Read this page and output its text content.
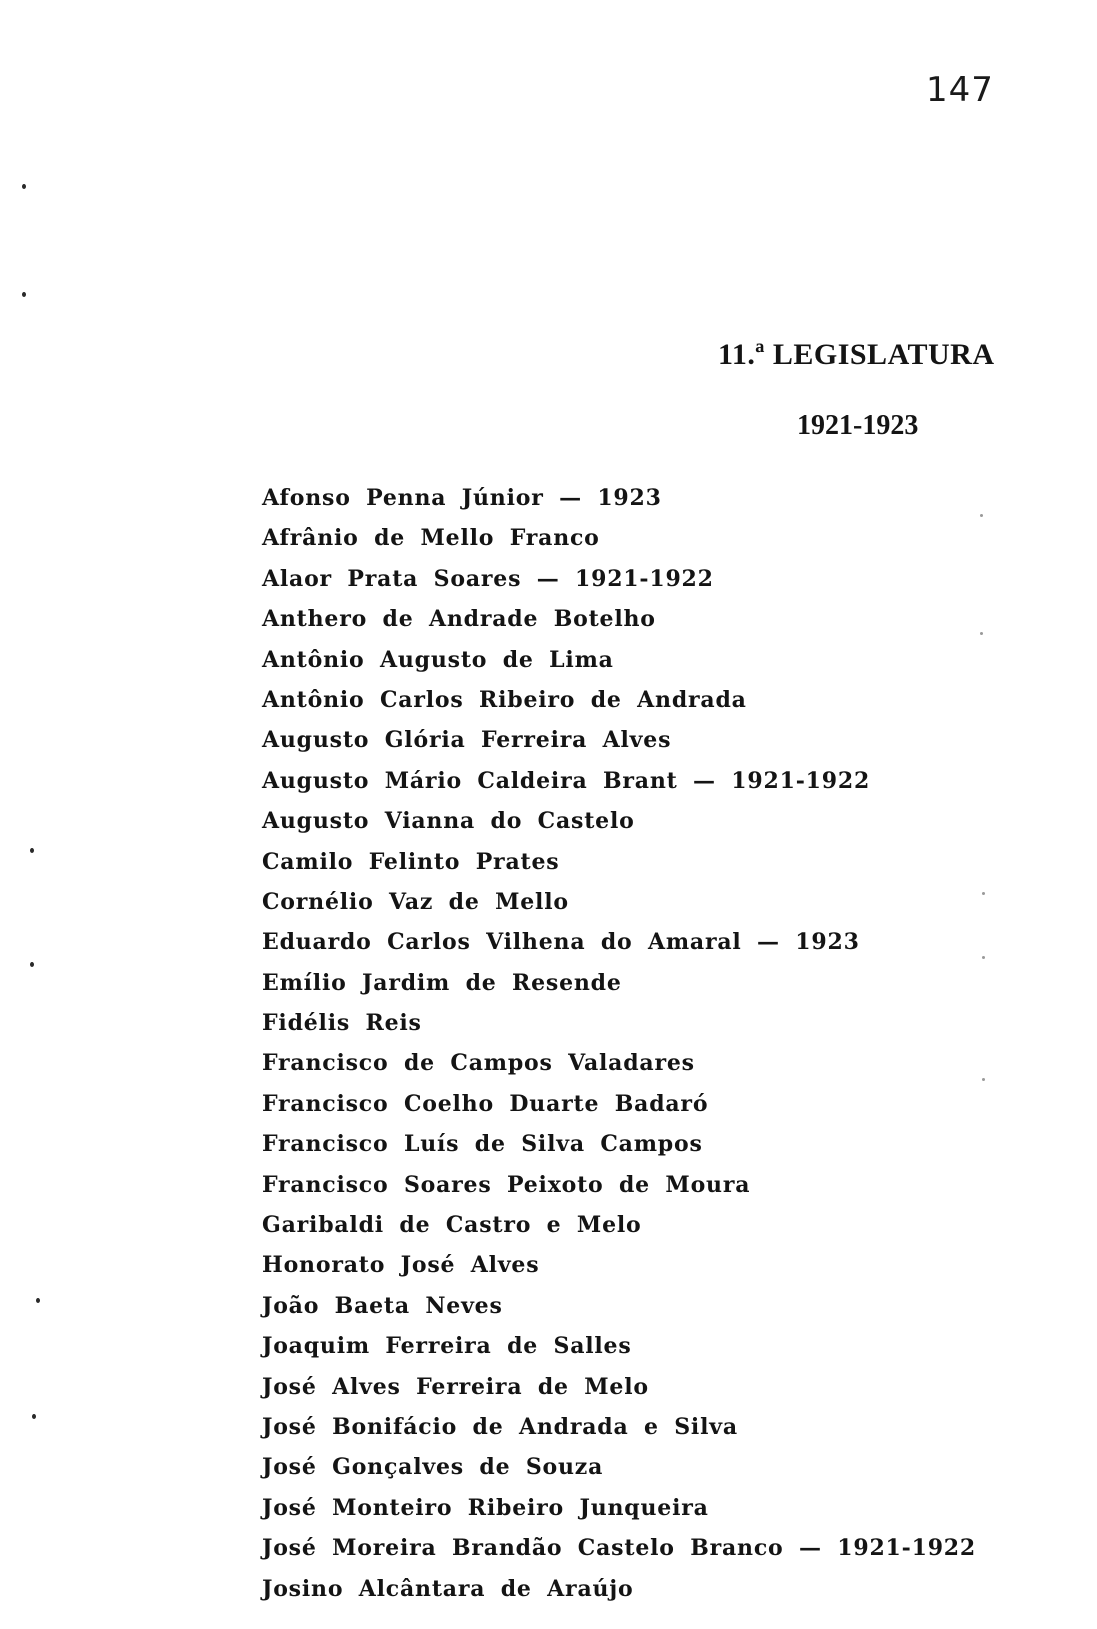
147
11.ª LEGISLATURA
1921-1923
Afonso Penna Júnior — 1923
Afrânio de Mello Franco
Alaor Prata Soares — 1921-1922
Anthero de Andrade Botelho
Antônio Augusto de Lima
Antônio Carlos Ribeiro de Andrada
Augusto Glória Ferreira Alves
Augusto Mário Caldeira Brant — 1921-1922
Augusto Vianna do Castelo
Camilo Felinto Prates
Cornélio Vaz de Mello
Eduardo Carlos Vilhena do Amaral — 1923
Emílio Jardim de Resende
Fidélis Reis
Francisco de Campos Valadares
Francisco Coelho Duarte Badaró
Francisco Luís de Silva Campos
Francisco Soares Peixoto de Moura
Garibaldi de Castro e Melo
Honorato José Alves
João Baeta Neves
Joaquim Ferreira de Salles
José Alves Ferreira de Melo
José Bonifácio de Andrada e Silva
José Gonçalves de Souza
José Monteiro Ribeiro Junqueira
José Moreira Brandão Castelo Branco — 1921-1922
Josino Alcântara de Araújo
